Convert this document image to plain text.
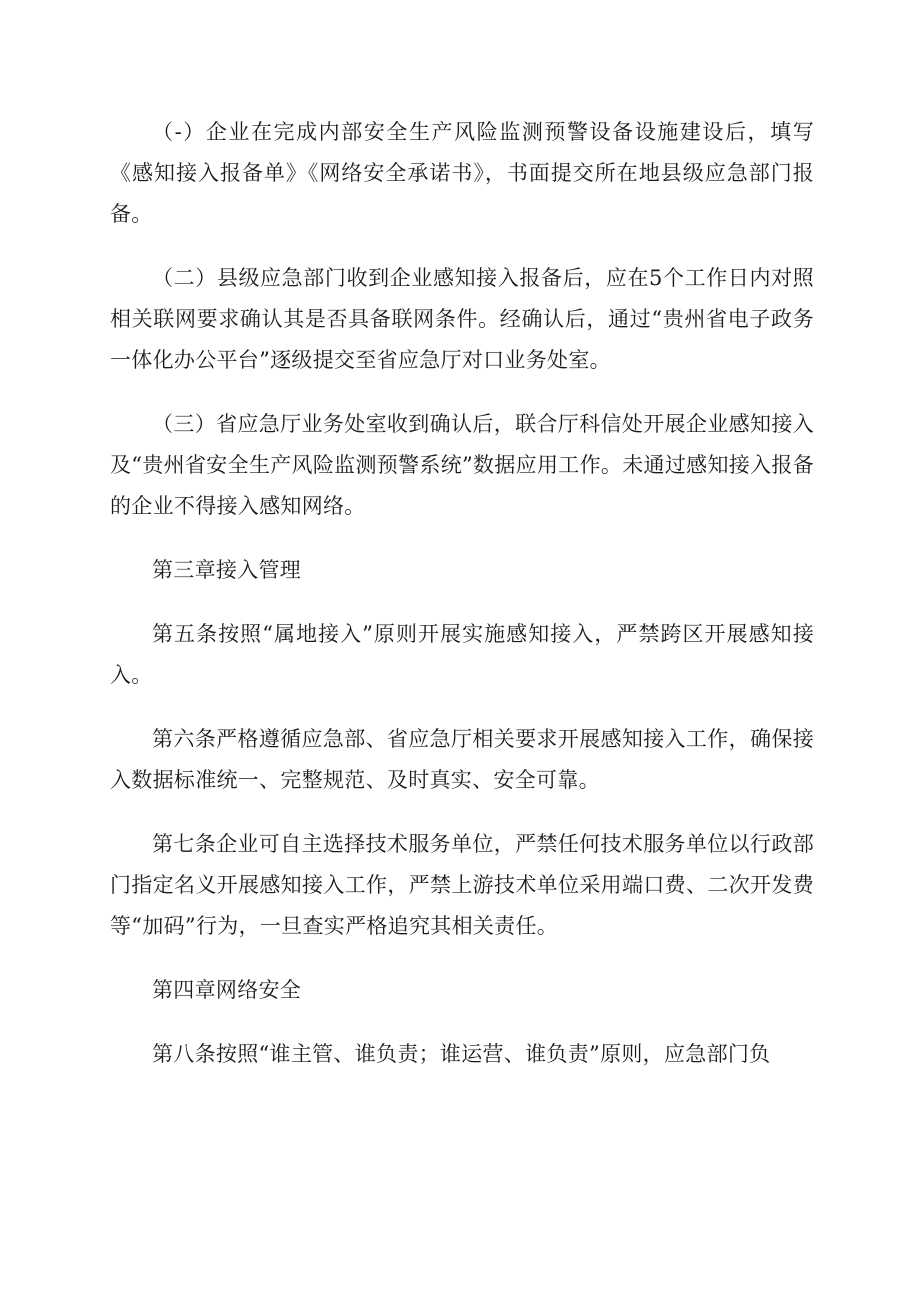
（-）企业在完成内部安全生产风险监测预警设备设施建设后，填写《感知接入报备单》《网络安全承诺书》，书面提交所在地县级应急部门报备。

（二）县级应急部门收到企业感知接入报备后，应在5个工作日内对照相关联网要求确认其是否具备联网条件。经确认后，通过“贵州省电子政务一体化办公平台”逐级提交至省应急厅对口业务处室。

（三）省应急厅业务处室收到确认后，联合厅科信处开展企业感知接入及“贵州省安全生产风险监测预警系统”数据应用工作。未通过感知接入报备的企业不得接入感知网络。

第三章接入管理

第五条按照“属地接入”原则开展实施感知接入，严禁跨区开展感知接入。

第六条严格遵循应急部、省应急厅相关要求开展感知接入工作，确保接入数据标准统一、完整规范、及时真实、安全可靠。

第七条企业可自主选择技术服务单位，严禁任何技术服务单位以行政部门指定名义开展感知接入工作，严禁上游技术单位采用端口费、二次开发费等“加码”行为，一旦查实严格追究其相关责任。

第四章网络安全

第八条按照“谁主管、谁负责；谁运营、谁负责”原则，应急部门负
